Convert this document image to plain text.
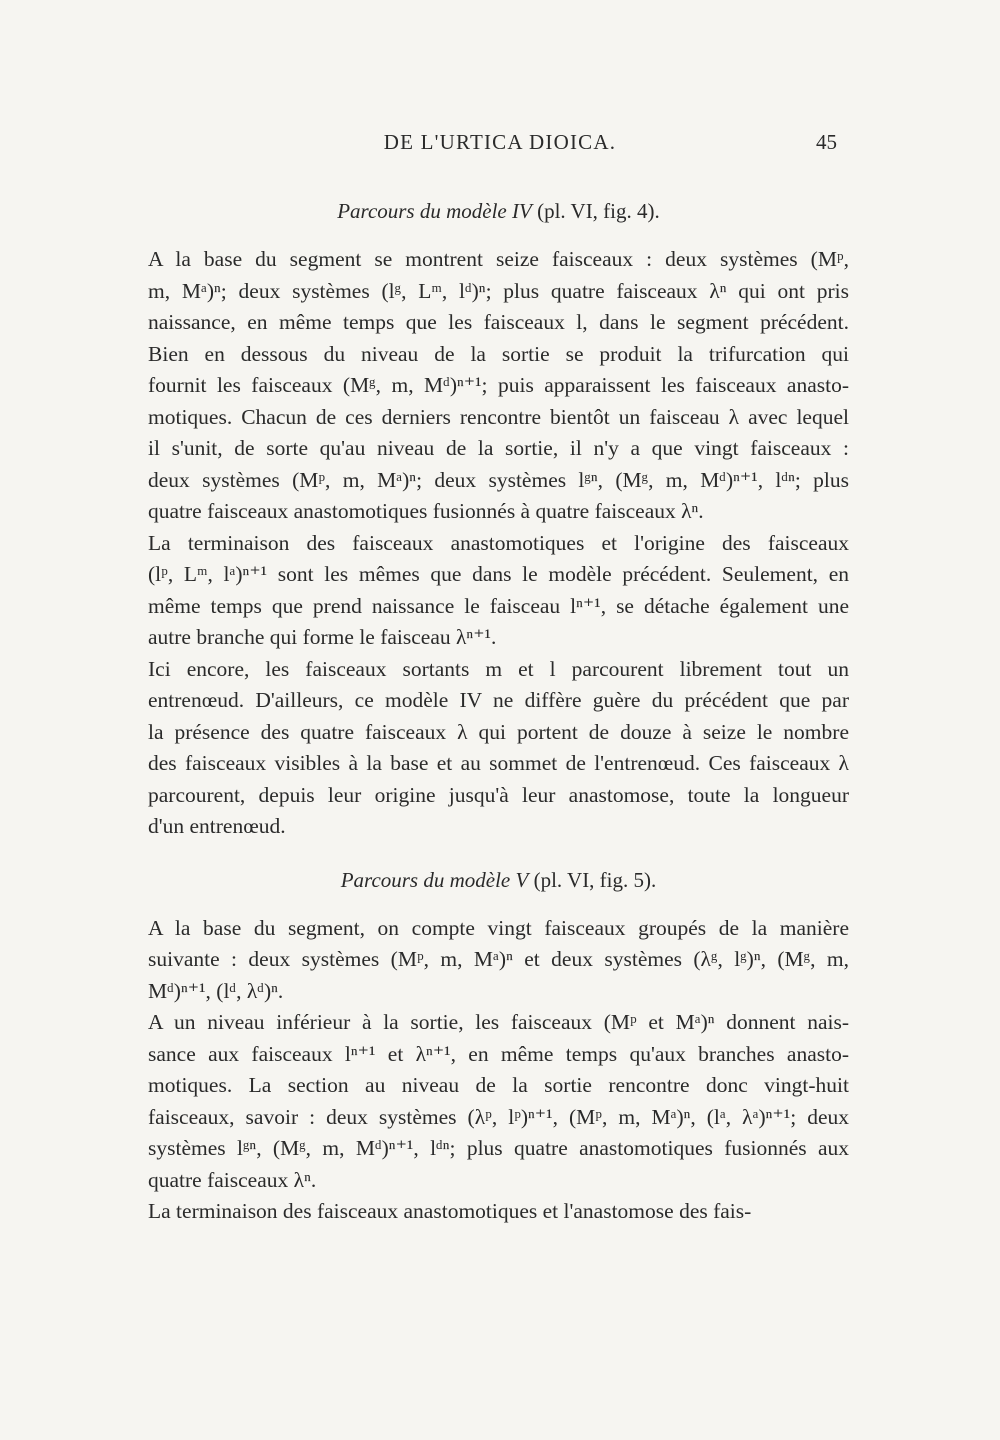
DE L'URTICA DIOICA.	45
Parcours du modèle IV (pl. VI, fig. 4).
A la base du segment se montrent seize faisceaux : deux systèmes (Mᵖ,
m, Mᵃ)ⁿ; deux systèmes (lᵍ, Lᵐ, lᵈ)ⁿ; plus quatre faisceaux λⁿ qui ont pris
naissance, en même temps que les faisceaux l, dans le segment précédent.
Bien en dessous du niveau de la sortie se produit la trifurcation qui
fournit les faisceaux (Mᵍ, m, Mᵈ)ⁿ⁺¹; puis apparaissent les faisceaux anasto-
motiques. Chacun de ces derniers rencontre bientôt un faisceau λ avec lequel
il s'unit, de sorte qu'au niveau de la sortie, il n'y a que vingt faisceaux :
deux systèmes (Mᵖ, m, Mᵃ)ⁿ; deux systèmes lᵍⁿ, (Mᵍ, m, Mᵈ)ⁿ⁺¹, lᵈⁿ; plus
quatre faisceaux anastomotiques fusionnés à quatre faisceaux λⁿ.
La terminaison des faisceaux anastomotiques et l'origine des faisceaux
(lᵖ, Lᵐ, lᵃ)ⁿ⁺¹ sont les mêmes que dans le modèle précédent. Seulement, en
même temps que prend naissance le faisceau lⁿ⁺¹, se détache également une
autre branche qui forme le faisceau λⁿ⁺¹.
Ici encore, les faisceaux sortants m et l parcourent librement tout un
entrenœud. D'ailleurs, ce modèle IV ne diffère guère du précédent que par
la présence des quatre faisceaux λ qui portent de douze à seize le nombre
des faisceaux visibles à la base et au sommet de l'entrenœud. Ces faisceaux λ
parcourent, depuis leur origine jusqu'à leur anastomose, toute la longueur
d'un entrenœud.
Parcours du modèle V (pl. VI, fig. 5).
A la base du segment, on compte vingt faisceaux groupés de la manière
suivante : deux systèmes (Mᵖ, m, Mᵃ)ⁿ et deux systèmes (λᵍ, lᵍ)ⁿ, (Mᵍ, m,
Mᵈ)ⁿ⁺¹, (lᵈ, λᵈ)ⁿ.
A un niveau inférieur à la sortie, les faisceaux (Mᵖ et Mᵃ)ⁿ donnent nais-
sance aux faisceaux lⁿ⁺¹ et λⁿ⁺¹, en même temps qu'aux branches anasto-
motiques. La section au niveau de la sortie rencontre donc vingt-huit
faisceaux, savoir : deux systèmes (λᵖ, lᵖ)ⁿ⁺¹, (Mᵖ, m, Mᵃ)ⁿ, (lᵃ, λᵃ)ⁿ⁺¹; deux
systèmes lᵍⁿ, (Mᵍ, m, Mᵈ)ⁿ⁺¹, lᵈⁿ; plus quatre anastomotiques fusionnés aux
quatre faisceaux λⁿ.
La terminaison des faisceaux anastomotiques et l'anastomose des fais-
